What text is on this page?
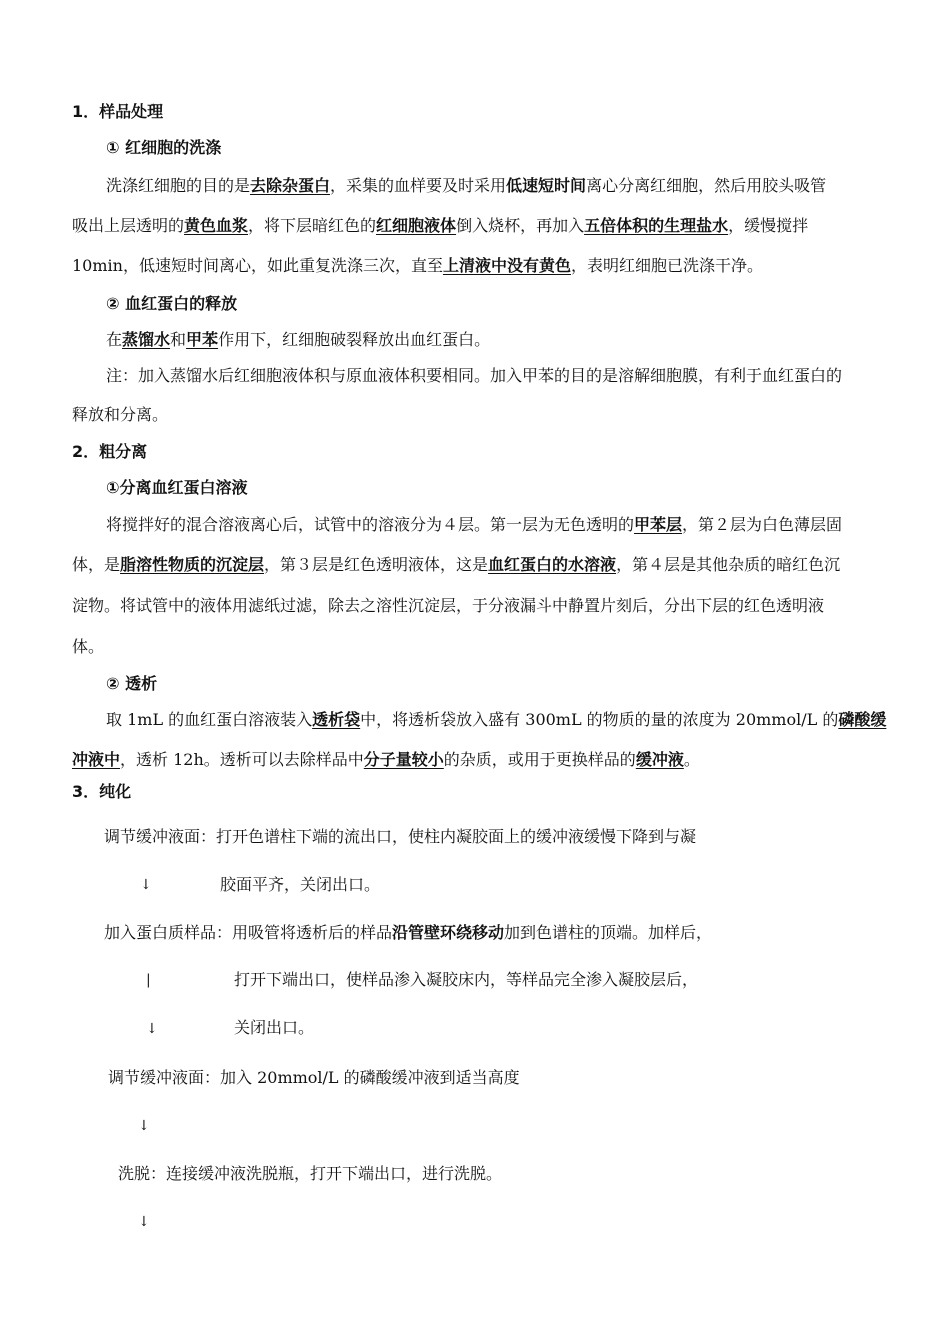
1．样品处理
① 红细胞的洗涤
洗涤红细胞的目的是去除杂蛋白，采集的血样要及时采用低速短时间离心分离红细胞，然后用胶头吸管
吸出上层透明的黄色血浆，将下层暗红色的红细胞液体倒入烧杯，再加入五倍体积的生理盐水，缓慢搅拌
10min，低速短时间离心，如此重复洗涤三次，直至上清液中没有黄色，表明红细胞已洗涤干净。
② 血红蛋白的释放
在蒸馏水和甲苯作用下，红细胞破裂释放出血红蛋白。
注：加入蒸馏水后红细胞液体积与原血液体积要相同。加入甲苯的目的是溶解细胞膜，有利于血红蛋白的
释放和分离。
2．粗分离
①分离血红蛋白溶液
将搅拌好的混合溶液离心后，试管中的溶液分为４层。第一层为无色透明的甲苯层，第２层为白色薄层固
体，是脂溶性物质的沉淀层，第３层是红色透明液体，这是血红蛋白的水溶液，第４层是其他杂质的暗红色沉
淀物。将试管中的液体用滤纸过滤，除去之溶性沉淀层，于分液漏斗中静置片刻后，分出下层的红色透明液
体。
② 透析
取 1mL 的血红蛋白溶液装入透析袋中，将透析袋放入盛有 300mL 的物质的量的浓度为 20mmol/L 的磷酸缓
冲液中，透析 12h。透析可以去除样品中分子量较小的杂质，或用于更换样品的缓冲液。
3．纯化
调节缓冲液面：打开色谱柱下端的流出口，使柱内凝胶面上的缓冲液缓慢下降到与凝
↓	胶面平齐，关闭出口。
加入蛋白质样品：用吸管将透析后的样品沿管壁环绕移动加到色谱柱的顶端。加样后，
|	打开下端出口，使样品渗入凝胶床内，等样品完全渗入凝胶层后，
↓	关闭出口。
调节缓冲液面：加入 20mmol/L 的磷酸缓冲液到适当高度
↓
洗脱：连接缓冲液洗脱瓶，打开下端出口，进行洗脱。
↓
